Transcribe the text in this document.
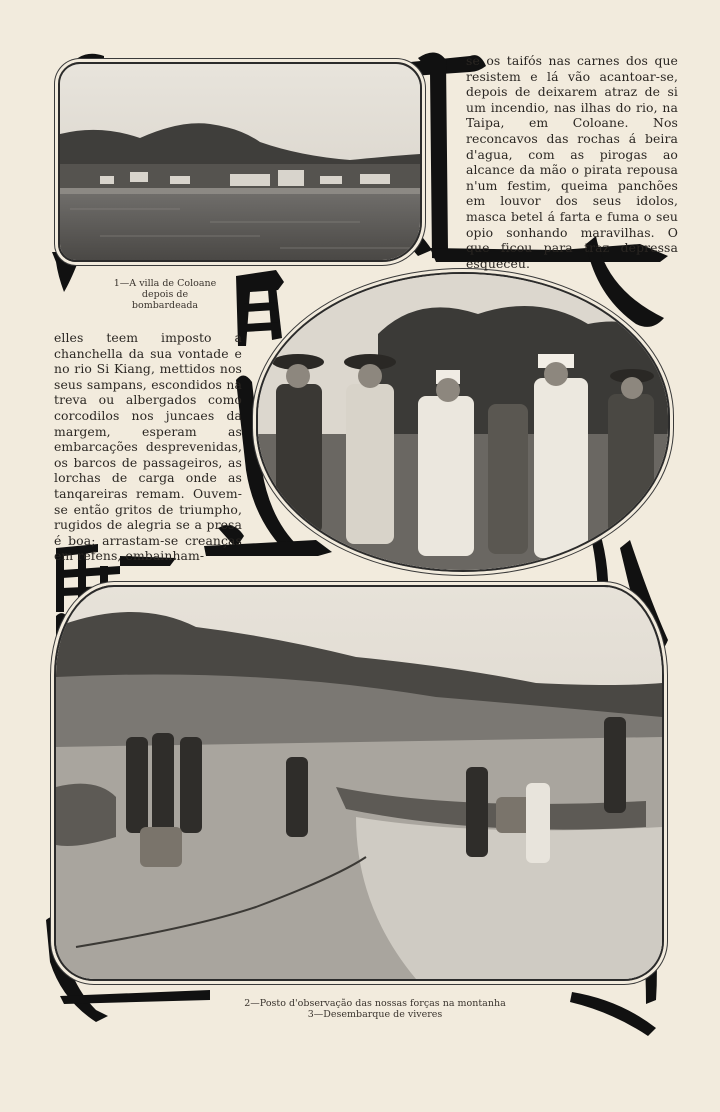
se os taifós nas carnes dos que resistem e lá vão acantoar-se, depois de deixarem atraz de si um incendio, nas ilhas do rio, na Taipa, em Coloane. Nos reconcavos das rochas á beira d'agua, com as pirogas ao alcance da mão o pirata repousa n'um festim, queima panchões em louvor dos seus idolos, masca betel á farta e fuma o seu opio sonhando maravilhas. O que ficou para traz depressa esqueceu.
elles teem imposto a chanchella da sua vontade e no rio Si Kiang, mettidos nos seus sampans, escondidos na treva ou albergados como corcodilos nos juncaes da margem, esperam as embarcações desprevenidas, os barcos de passageiros, as lorchas de carga onde as tanqareiras remam. Ouvem-se então gritos de triumpho, rugidos de alegria se a presa é boa; arrastam-se creanças em refens, embainham-
1—A villa de Coloane
depois de
bombardeada
2—Posto d'observação das nossas forças na montanha
3—Desembarque de viveres
